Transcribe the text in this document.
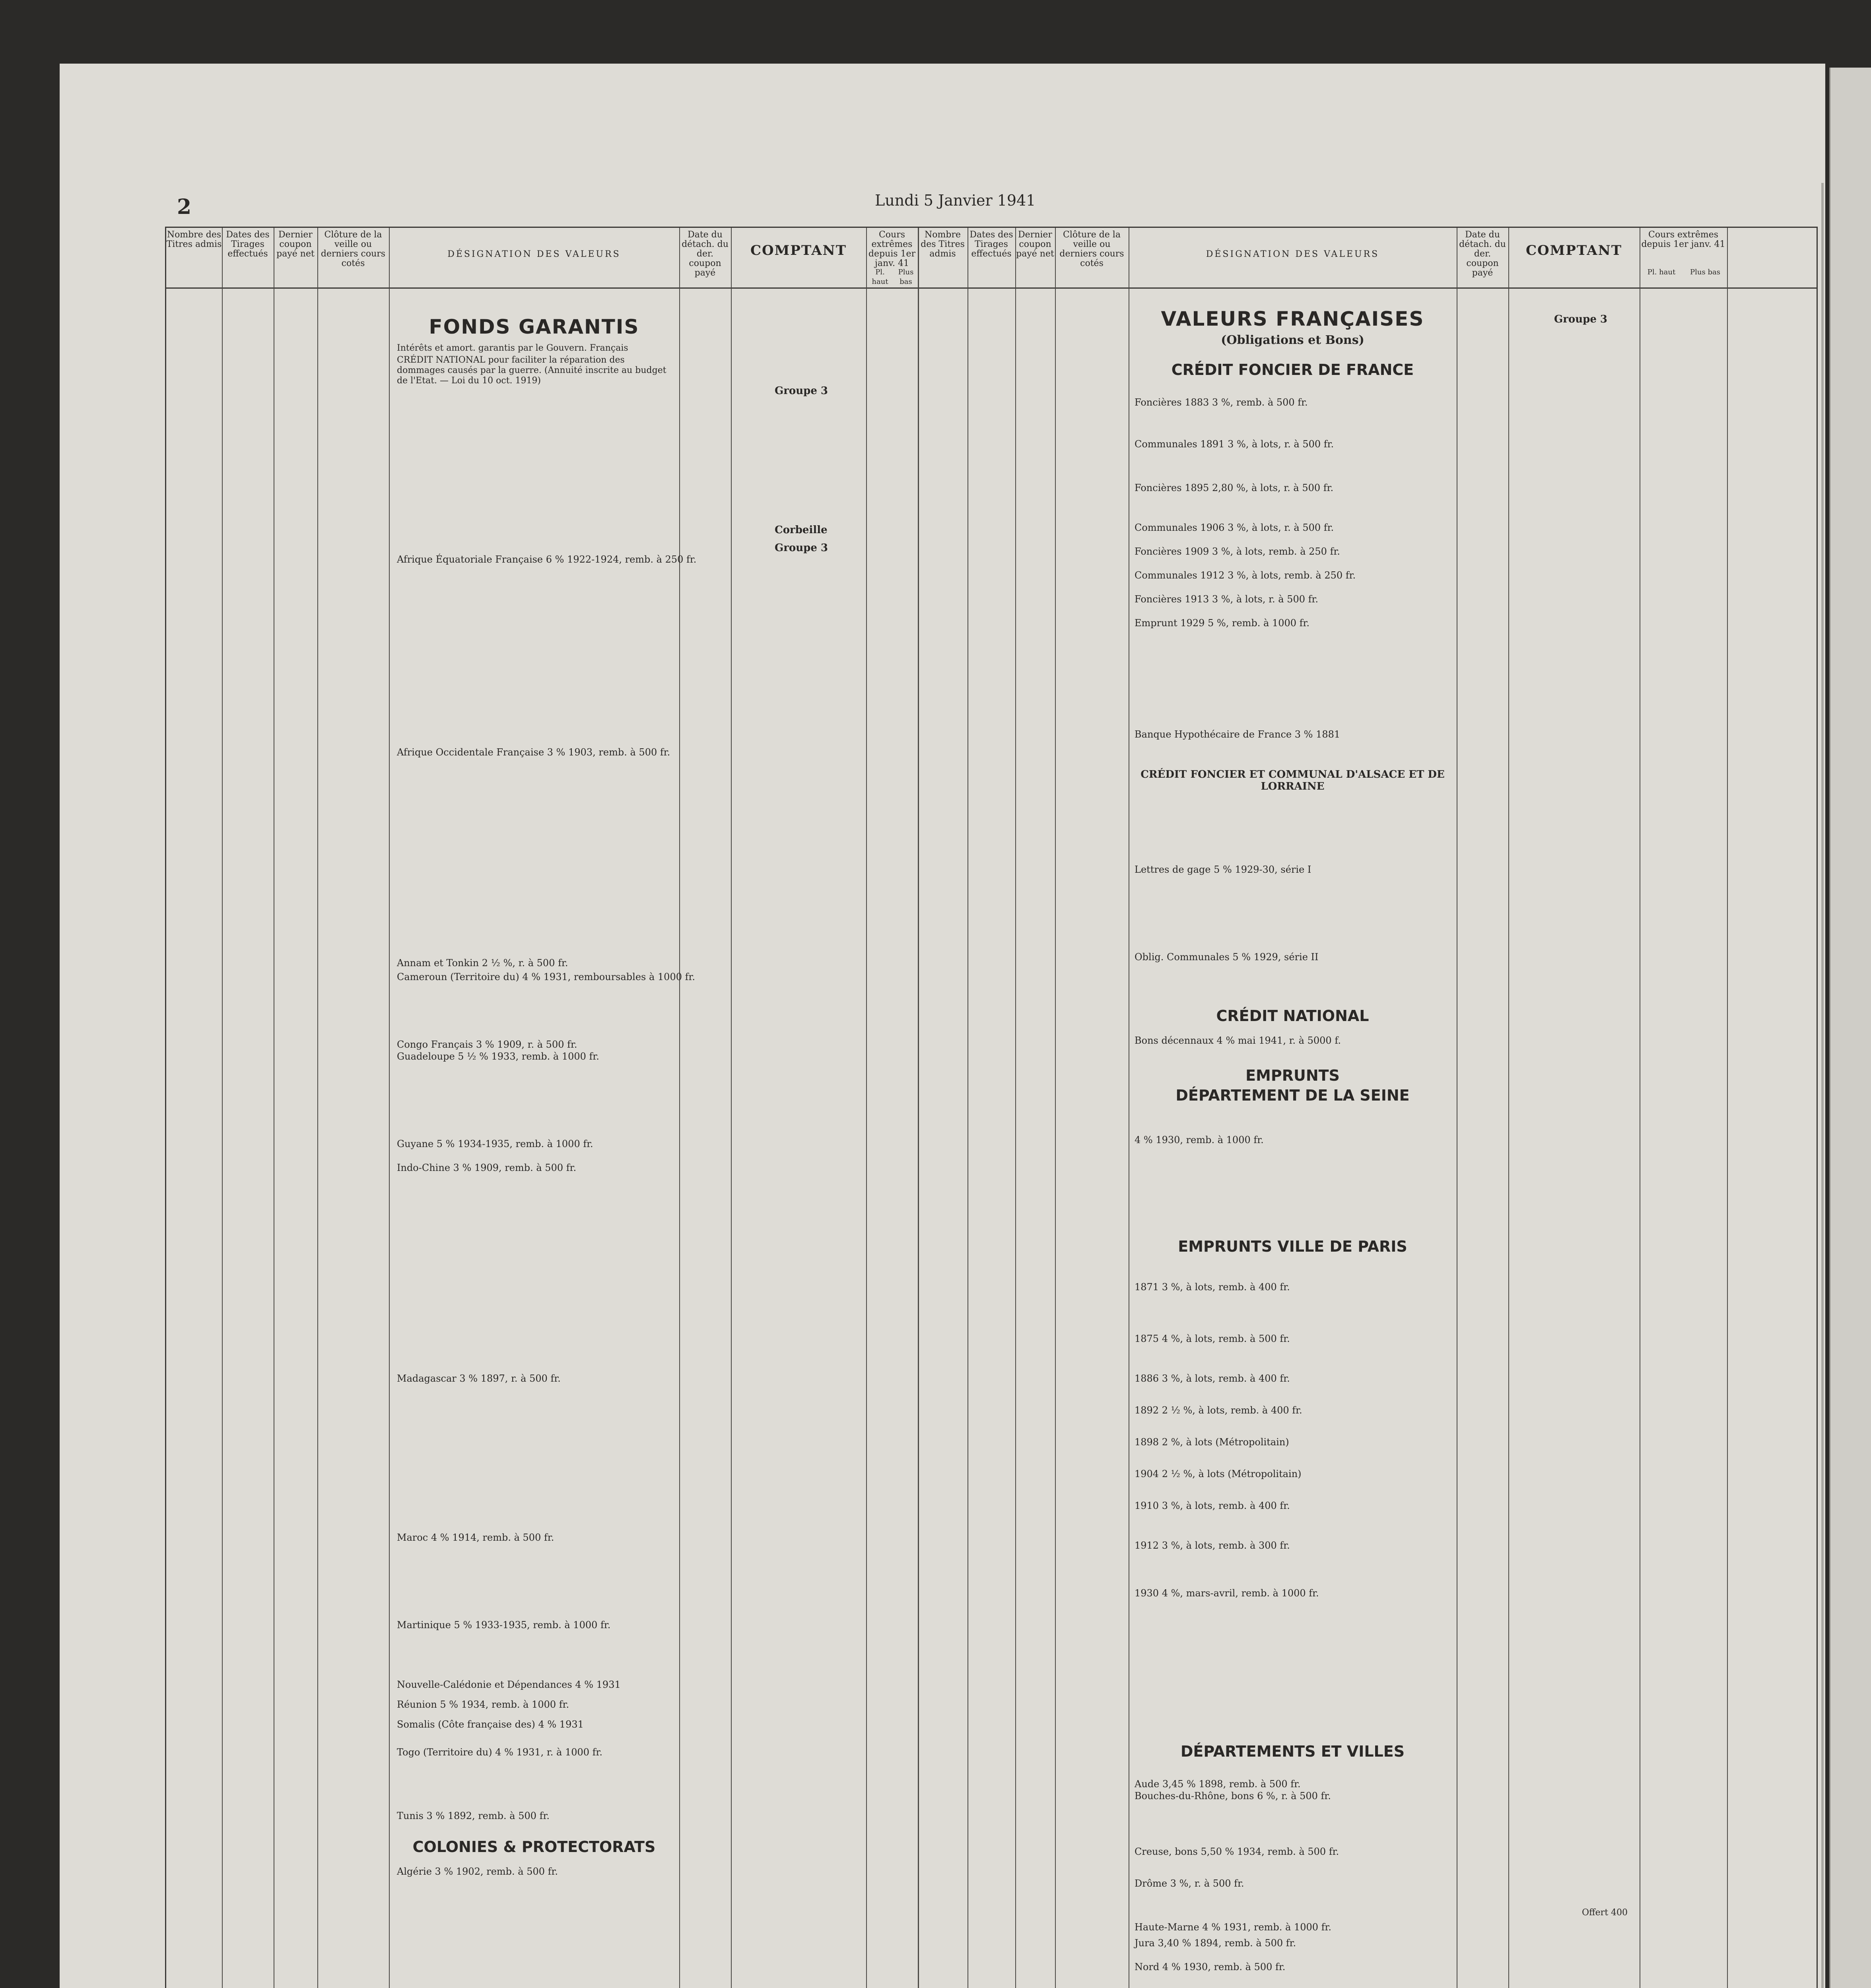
2	Lundi 5 Janvier 1941
Nombre des Titres admis
Dates des Tirages effectués
Dernier coupon payé net
Clôture de la veille ou derniers cours cotés
DÉSIGNATION DES VALEURS
Date du détach. du der. coupon payé
COMPTANT
Cours extrêmes depuis 1er janv. 41
Pl. haut
Plus bas
Nombre des Titres admis
Dates des Tirages effectués
Dernier coupon payé net
Clôture de la veille ou derniers cours cotés
DÉSIGNATION DES VALEURS
Date du détach. du der. coupon payé
COMPTANT
Cours extrêmes depuis 1er janv. 41
Pl. haut	Plus bas
FONDS GARANTIS
Intérêts et amort. garantis par le Gouvern. Français
CRÉDIT NATIONAL pour faciliter la réparation des dommages causés par la guerre. (Annuité inscrite au budget de l'Etat. — Loi du 10 oct. 1919)
Groupe 3
Corbeille
Groupe 3
COLONIES & PROTECTORATS
Afrique Équatoriale Française 6 % 1922-1924, remb. à 250 fr.
Afrique Occidentale Française 3 % 1903, remb. à 500 fr.
Annam et Tonkin 2 ½ %, r. à 500 fr.
Cameroun (Territoire du) 4 % 1931, remboursables à 1000 fr.
Congo Français 3 % 1909, r. à 500 fr.
Guadeloupe 5 ½ % 1933, remb. à 1000 fr.
Guyane 5 % 1934-1935, remb. à 1000 fr.
Indo-Chine 3 % 1909, remb. à 500 fr.
Madagascar 3 % 1897, r. à 500 fr.
Maroc 4 % 1914, remb. à 500 fr.
Martinique 5 % 1933-1935, remb. à 1000 fr.
Nouvelle-Calédonie et Dépendances 4 % 1931
Réunion 5 % 1934, remb. à 1000 fr.
Somalis (Côte française des) 4 % 1931
Togo (Territoire du) 4 % 1931, r. à 1000 fr.
Tunis 3 % 1892, remb. à 500 fr.
Algérie 3 % 1902, remb. à 500 fr.
VALEURS FRANÇAISES
(Obligations et Bons)
Groupe 3
CRÉDIT FONCIER DE FRANCE
CRÉDIT FONCIER ET COMMUNAL D'ALSACE ET DE LORRAINE
CRÉDIT NATIONAL
EMPRUNTS
DÉPARTEMENT DE LA SEINE
EMPRUNTS VILLE DE PARIS
DÉPARTEMENTS ET VILLES
Offert 400
Foncières 1883 3 %, remb. à 500 fr.
Communales 1891 3 %, à lots, r. à 500 fr.
Foncières 1895 2,80 %, à lots, r. à 500 fr.
Communales 1906 3 %, à lots, r. à 500 fr.
Foncières 1909 3 %, à lots, remb. à 250 fr.
Communales 1912 3 %, à lots, remb. à 250 fr.
Foncières 1913 3 %, à lots, r. à 500 fr.
Emprunt 1929 5 %, remb. à 1000 fr.
Banque Hypothécaire de France 3 % 1881
Lettres de gage 5 % 1929-30, série I
Oblig. Communales 5 % 1929, série II
Bons décennaux 4 % mai 1941, r. à 5000 f.
4 % 1930, remb. à 1000 fr.
1871 3 %, à lots, remb. à 400 fr.
1875 4 %, à lots, remb. à 500 fr.
1886 3 %, à lots, remb. à 400 fr.
1892 2 ½ %, à lots, remb. à 400 fr.
1898 2 %, à lots (Métropolitain)
1904 2 ½ %, à lots (Métropolitain)
1910 3 %, à lots, remb. à 400 fr.
1912 3 %, à lots, remb. à 300 fr.
1930 4 %, mars-avril, remb. à 1000 fr.
Aude 3,45 % 1898, remb. à 500 fr.
Bouches-du-Rhône, bons 6 %, r. à 500 fr.
Creuse, bons 5,50 % 1934, remb. à 500 fr.
Drôme 3 %, r. à 500 fr.
Haute-Marne 4 % 1931, remb. à 1000 fr.
Jura 3,40 % 1894, remb. à 500 fr.
Nord 4 % 1930, remb. à 500 fr.
